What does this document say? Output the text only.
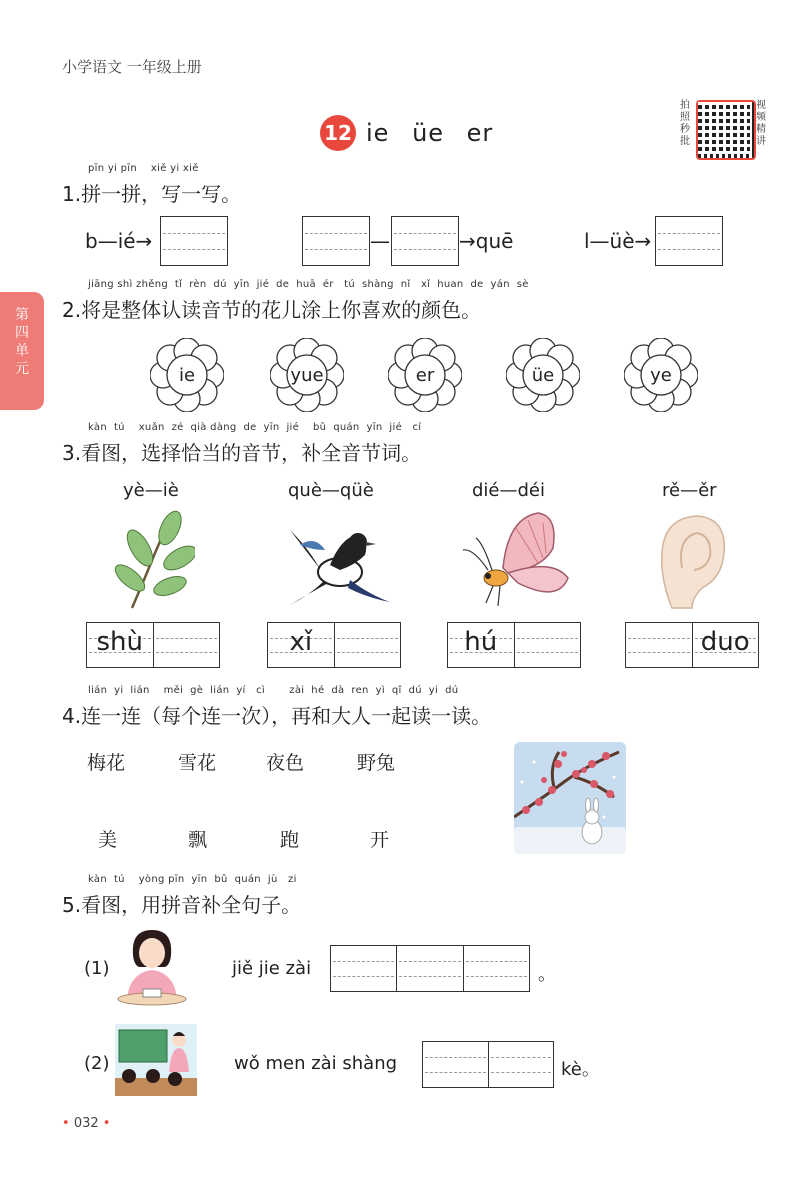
小学语文 一年级上册
12 ie üe er
拍照秒批
视频精讲
第四单元
pīn yi pīn    xiě yi xiě
1.拼一拼，写一写。
b—ié→	—	→quē	l—üè→
jiāng shì zhěng  tǐ  rèn  dú  yīn  jié  de  huā  ér   tú  shàng  nǐ   xǐ  huan  de  yán  sè
2.将是整体认读音节的花儿涂上你喜欢的颜色。
ie	yue	er	üe	ye
kàn  tú    xuǎn  zé  qià dàng  de  yīn  jié    bǔ  quán  yīn  jié   cí
3.看图，选择恰当的音节，补全音节词。
yè—iè	què—qüè	dié—déi	rě—ěr
shù	xǐ	hú	duo
lián  yi  lián    měi  gè  lián  yí   cì       zài  hé  dà  ren  yì  qǐ  dú  yi  dú
4.连一连（每个连一次），再和大人一起读一读。
梅花	雪花	夜色	野兔
美	飘	跑	开
kàn  tú    yòng pīn  yīn  bǔ  quán  jù   zi
5.看图，用拼音补全句子。
(1)	jiě jie zài	。
(2)	wǒ men zài shàng	kè。
• 032 •
